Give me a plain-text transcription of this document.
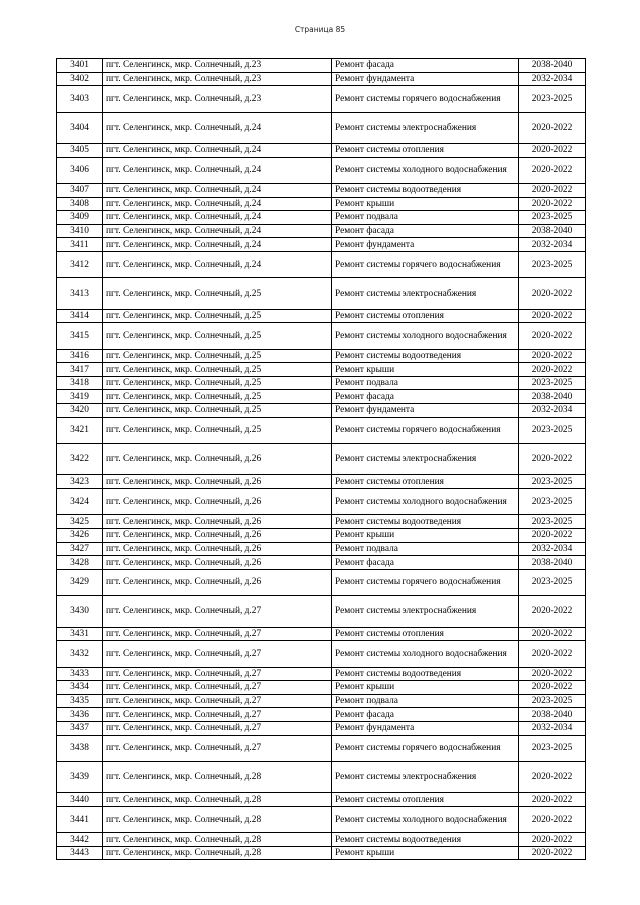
Страница 85
3401	пгт. Селенгинск, мкр. Солнечный, д.23	Ремонт фасада	2038-2040
3402	пгт. Селенгинск, мкр. Солнечный, д.23	Ремонт фундамента	2032-2034
3403	пгт. Селенгинск, мкр. Солнечный, д.23	Ремонт системы горячего водоснабжения	2023-2025
3404	пгт. Селенгинск, мкр. Солнечный, д.24	Ремонт системы электроснабжения	2020-2022
3405	пгт. Селенгинск, мкр. Солнечный, д.24	Ремонт системы отопления	2020-2022
3406	пгт. Селенгинск, мкр. Солнечный, д.24	Ремонт системы холодного водоснабжения	2020-2022
3407	пгт. Селенгинск, мкр. Солнечный, д.24	Ремонт системы водоотведения	2020-2022
3408	пгт. Селенгинск, мкр. Солнечный, д.24	Ремонт крыши	2020-2022
3409	пгт. Селенгинск, мкр. Солнечный, д.24	Ремонт подвала	2023-2025
3410	пгт. Селенгинск, мкр. Солнечный, д.24	Ремонт фасада	2038-2040
3411	пгт. Селенгинск, мкр. Солнечный, д.24	Ремонт фундамента	2032-2034
3412	пгт. Селенгинск, мкр. Солнечный, д.24	Ремонт системы горячего водоснабжения	2023-2025
3413	пгт. Селенгинск, мкр. Солнечный, д.25	Ремонт системы электроснабжения	2020-2022
3414	пгт. Селенгинск, мкр. Солнечный, д.25	Ремонт системы отопления	2020-2022
3415	пгт. Селенгинск, мкр. Солнечный, д.25	Ремонт системы холодного водоснабжения	2020-2022
3416	пгт. Селенгинск, мкр. Солнечный, д.25	Ремонт системы водоотведения	2020-2022
3417	пгт. Селенгинск, мкр. Солнечный, д.25	Ремонт крыши	2020-2022
3418	пгт. Селенгинск, мкр. Солнечный, д.25	Ремонт подвала	2023-2025
3419	пгт. Селенгинск, мкр. Солнечный, д.25	Ремонт фасада	2038-2040
3420	пгт. Селенгинск, мкр. Солнечный, д.25	Ремонт фундамента	2032-2034
3421	пгт. Селенгинск, мкр. Солнечный, д.25	Ремонт системы горячего водоснабжения	2023-2025
3422	пгт. Селенгинск, мкр. Солнечный, д.26	Ремонт системы электроснабжения	2020-2022
3423	пгт. Селенгинск, мкр. Солнечный, д.26	Ремонт системы отопления	2023-2025
3424	пгт. Селенгинск, мкр. Солнечный, д.26	Ремонт системы холодного водоснабжения	2023-2025
3425	пгт. Селенгинск, мкр. Солнечный, д.26	Ремонт системы водоотведения	2023-2025
3426	пгт. Селенгинск, мкр. Солнечный, д.26	Ремонт крыши	2020-2022
3427	пгт. Селенгинск, мкр. Солнечный, д.26	Ремонт подвала	2032-2034
3428	пгт. Селенгинск, мкр. Солнечный, д.26	Ремонт фасада	2038-2040
3429	пгт. Селенгинск, мкр. Солнечный, д.26	Ремонт системы горячего водоснабжения	2023-2025
3430	пгт. Селенгинск, мкр. Солнечный, д.27	Ремонт системы электроснабжения	2020-2022
3431	пгт. Селенгинск, мкр. Солнечный, д.27	Ремонт системы отопления	2020-2022
3432	пгт. Селенгинск, мкр. Солнечный, д.27	Ремонт системы холодного водоснабжения	2020-2022
3433	пгт. Селенгинск, мкр. Солнечный, д.27	Ремонт системы водоотведения	2020-2022
3434	пгт. Селенгинск, мкр. Солнечный, д.27	Ремонт крыши	2020-2022
3435	пгт. Селенгинск, мкр. Солнечный, д.27	Ремонт подвала	2023-2025
3436	пгт. Селенгинск, мкр. Солнечный, д.27	Ремонт фасада	2038-2040
3437	пгт. Селенгинск, мкр. Солнечный, д.27	Ремонт фундамента	2032-2034
3438	пгт. Селенгинск, мкр. Солнечный, д.27	Ремонт системы горячего водоснабжения	2023-2025
3439	пгт. Селенгинск, мкр. Солнечный, д.28	Ремонт системы электроснабжения	2020-2022
3440	пгт. Селенгинск, мкр. Солнечный, д.28	Ремонт системы отопления	2020-2022
3441	пгт. Селенгинск, мкр. Солнечный, д.28	Ремонт системы холодного водоснабжения	2020-2022
3442	пгт. Селенгинск, мкр. Солнечный, д.28	Ремонт системы водоотведения	2020-2022
3443	пгт. Селенгинск, мкр. Солнечный, д.28	Ремонт крыши	2020-2022
